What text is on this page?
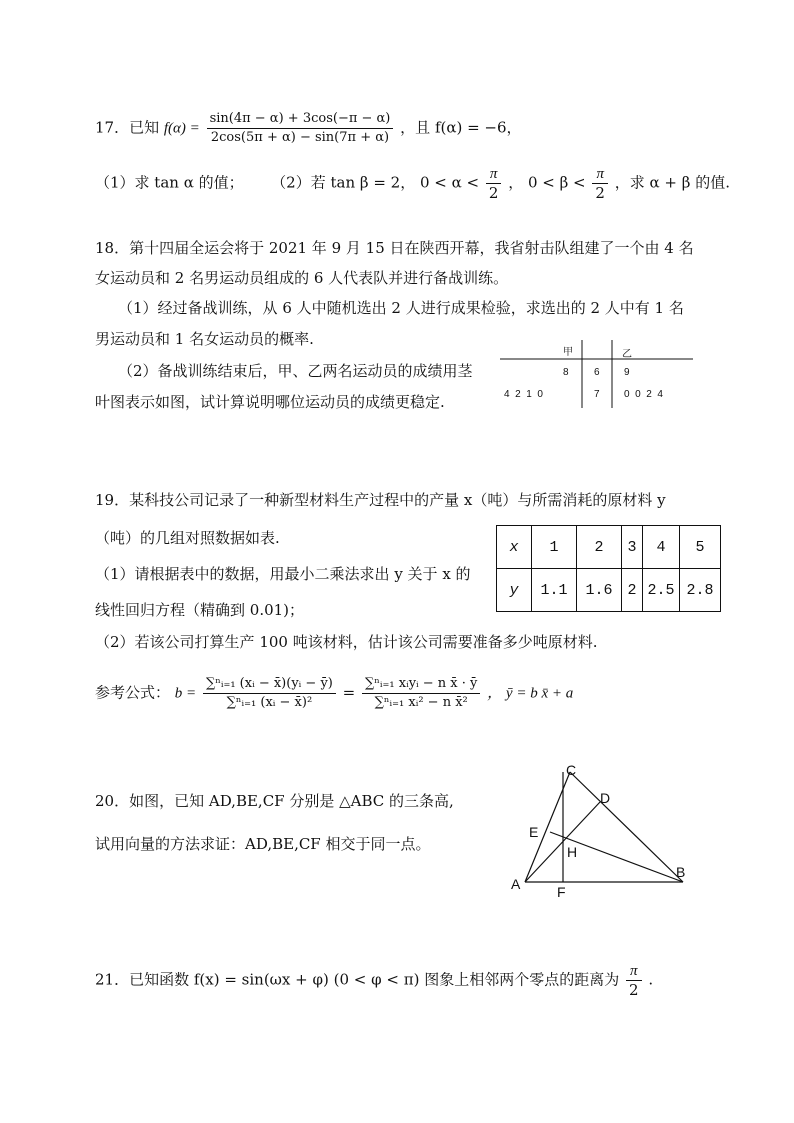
17．已知 $f(\alpha) = \frac{\sin(4\pi - \alpha) + 3\cos(-\pi - \alpha)}{2\cos(5\pi + \alpha) - \sin(7\pi + \alpha)}$ ，且 f(α) = −6，
（1）求 tan α 的值； （2）若 tan β = 2， $0 < \alpha < \frac{\pi}{2}$ ， $0 < \beta < \frac{\pi}{2}$ ，求 α + β 的值.
18．第十四届全运会将于 2021 年 9 月 15 日在陕西开幕，我省射击队组建了一个由 4 名
女运动员和 2 名男运动员组成的 6 人代表队并进行备战训练。
（1）经过备战训练，从 6 人中随机选出 2 人进行成果检验，求选出的 2 人中有 1 名
男运动员和 1 名女运动员的概率.
（2）备战训练结束后，甲、乙两名运动员的成绩用茎
叶图表示如图，试计算说明哪位运动员的成绩更稳定.
甲	乙
8	6 9
4  2  1  0	7 0  0  2  4
19．某科技公司记录了一种新型材料生产过程中的产量 x（吨）与所需消耗的原材料 y
（吨）的几组对照数据如表.
（1）请根据表中的数据，用最小二乘法求出 y 关于 x 的
线性回归方程（精确到 0.01)；
（2）若该公司打算生产 100 吨该材料，估计该公司需要准备多少吨原材料.
x	1	2	3	4	5
y	1.1	1.6	2	2.5	2.8
参考公式： $b = \frac{\text{∑ⁿᵢ₌₁ (xᵢ − x̄)(yᵢ − ȳ)}}{\text{∑ⁿᵢ₌₁ (xᵢ − x̄)²}} = \frac{\text{∑ⁿᵢ₌₁ xᵢyᵢ − n x̄ · ȳ}}{\text{∑ⁿᵢ₌₁ xᵢ² − n x̄²}}$ ， ȳ = b x̄ + a
20．如图，已知 AD,BE,CF 分别是 △ABC 的三条高,
试用向量的方法求证：AD,BE,CF 相交于同一点。
C
D
E
H
A
B
F
21．已知函数 f(x) = sin(ωx + φ) (0 < φ < π) 图象上相邻两个零点的距离为 $\frac{\pi}{2}$ .
